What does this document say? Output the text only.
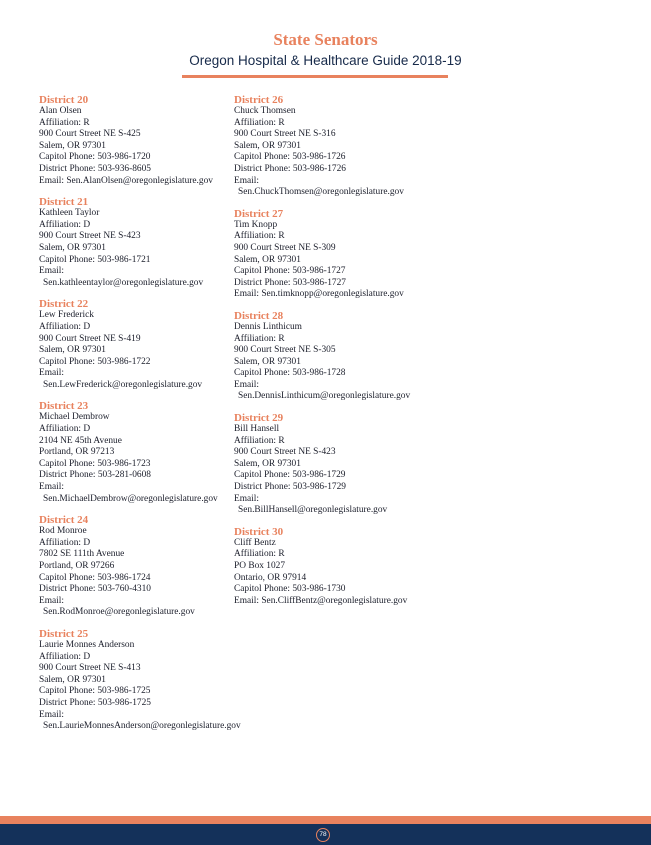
State Senators
Oregon Hospital & Healthcare Guide 2018-19
District 20
Alan Olsen
Affiliation: R
900 Court Street NE S-425
Salem, OR 97301
Capitol Phone: 503-986-1720
District Phone: 503-936-8605
Email: Sen.AlanOlsen@oregonlegislature.gov
District 21
Kathleen Taylor
Affiliation: D
900 Court Street NE S-423
Salem, OR 97301
Capitol Phone: 503-986-1721
Email:
Sen.kathleentaylor@oregonlegislature.gov
District 22
Lew Frederick
Affiliation: D
900 Court Street NE S-419
Salem, OR 97301
Capitol Phone: 503-986-1722
Email:
Sen.LewFrederick@oregonlegislature.gov
District 23
Michael Dembrow
Affiliation: D
2104 NE 45th Avenue
Portland, OR 97213
Capitol Phone: 503-986-1723
District Phone: 503-281-0608
Email:
Sen.MichaelDembrow@oregonlegislature.gov
District 24
Rod Monroe
Affiliation: D
7802 SE 111th Avenue
Portland, OR 97266
Capitol Phone: 503-986-1724
District Phone: 503-760-4310
Email:
Sen.RodMonroe@oregonlegislature.gov
District 25
Laurie Monnes Anderson
Affiliation: D
900 Court Street NE S-413
Salem, OR 97301
Capitol Phone: 503-986-1725
District Phone: 503-986-1725
Email:
Sen.LaurieMonnesAnderson@oregonlegislature.gov
District 26
Chuck Thomsen
Affiliation: R
900 Court Street NE S-316
Salem, OR 97301
Capitol Phone: 503-986-1726
District Phone: 503-986-1726
Email:
Sen.ChuckThomsen@oregonlegislature.gov
District 27
Tim Knopp
Affiliation: R
900 Court Street NE S-309
Salem, OR 97301
Capitol Phone: 503-986-1727
District Phone: 503-986-1727
Email: Sen.timknopp@oregonlegislature.gov
District 28
Dennis Linthicum
Affiliation: R
900 Court Street NE S-305
Salem, OR 97301
Capitol Phone: 503-986-1728
Email:
Sen.DennisLinthicum@oregonlegislature.gov
District 29
Bill Hansell
Affiliation: R
900 Court Street NE S-423
Salem, OR 97301
Capitol Phone: 503-986-1729
District Phone: 503-986-1729
Email:
Sen.BillHansell@oregonlegislature.gov
District 30
Cliff Bentz
Affiliation: R
PO Box 1027
Ontario, OR 97914
Capitol Phone: 503-986-1730
Email: Sen.CliffBentz@oregonlegislature.gov
78
